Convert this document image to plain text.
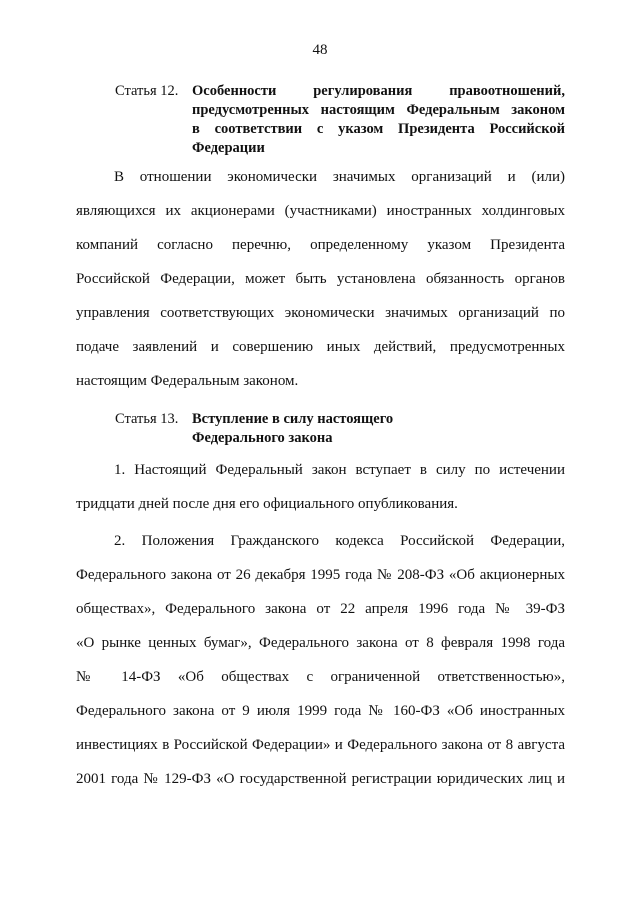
48
Статья 12. Особенности регулирования правоотношений,
предусмотренных настоящим Федеральным законом
в соответствии с указом Президента Российской
Федерации
В отношении экономически значимых организаций и (или)
являющихся их акционерами (участниками) иностранных холдинговых
компаний согласно перечню, определенному указом Президента
Российской Федерации, может быть установлена обязанность органов
управления соответствующих экономически значимых организаций по
подаче заявлений и совершению иных действий, предусмотренных
настоящим Федеральным законом.
Статья 13. Вступление в силу настоящего
Федерального закона
1. Настоящий Федеральный закон вступает в силу по истечении
тридцати дней после дня его официального опубликования.
2. Положения Гражданского кодекса Российской Федерации,
Федерального закона от 26 декабря 1995 года № 208-ФЗ «Об акционерных
обществах», Федерального закона от 22 апреля 1996 года № 39-ФЗ
«О рынке ценных бумаг», Федерального закона от 8 февраля 1998 года
№ 14-ФЗ «Об обществах с ограниченной ответственностью»,
Федерального закона от 9 июля 1999 года № 160-ФЗ «Об иностранных
инвестициях в Российской Федерации» и Федерального закона от 8 августа
2001 года № 129-ФЗ «О государственной регистрации юридических лиц и
